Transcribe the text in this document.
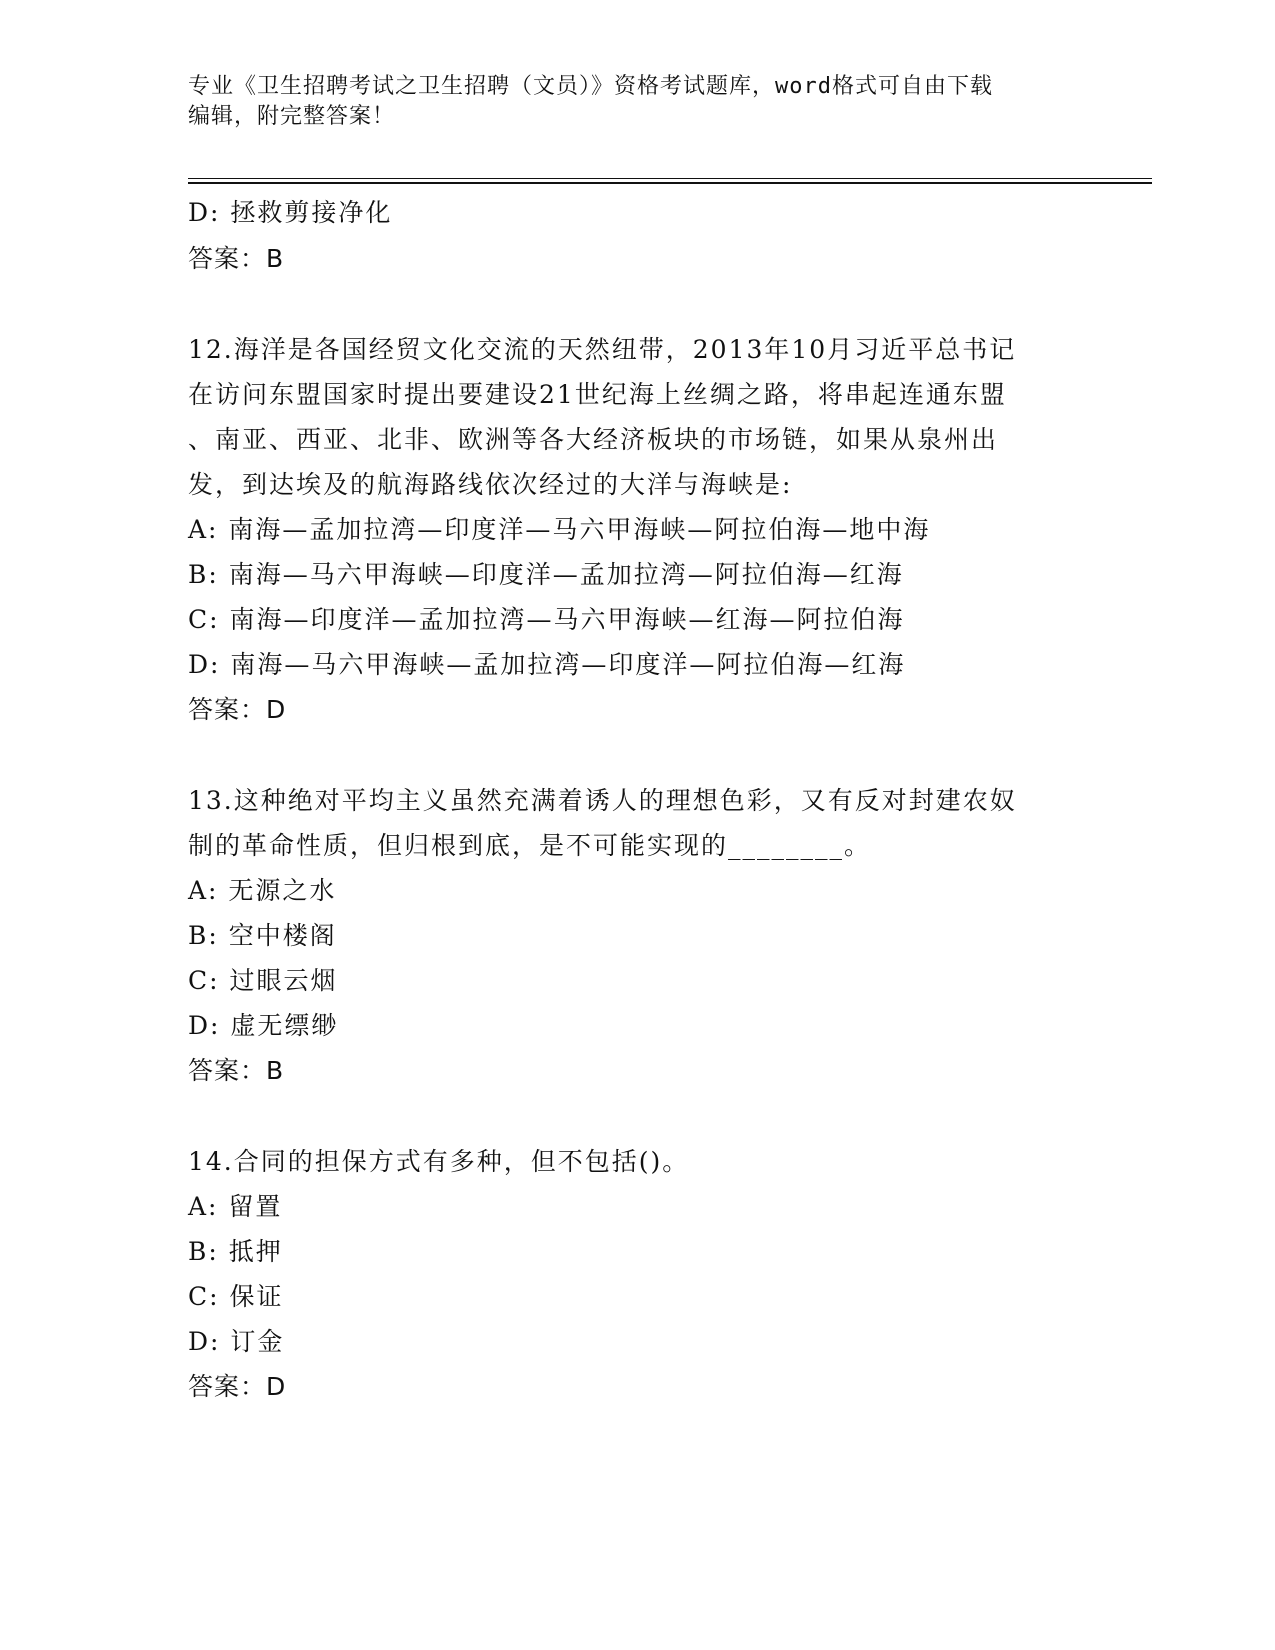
专业《卫生招聘考试之卫生招聘（文员）》资格考试题库，word格式可自由下载
编辑，附完整答案！
D: 拯救剪接净化
答案：B
12.海洋是各国经贸文化交流的天然纽带，2013年10月习近平总书记
在访问东盟国家时提出要建设21世纪海上丝绸之路，将串起连通东盟
、南亚、西亚、北非、欧洲等各大经济板块的市场链，如果从泉州出
发，到达埃及的航海路线依次经过的大洋与海峡是:
A: 南海—孟加拉湾—印度洋—马六甲海峡—阿拉伯海—地中海
B: 南海—马六甲海峡—印度洋—孟加拉湾—阿拉伯海—红海
C: 南海—印度洋—孟加拉湾—马六甲海峡—红海—阿拉伯海
D: 南海—马六甲海峡—孟加拉湾—印度洋—阿拉伯海—红海
答案：D
13.这种绝对平均主义虽然充满着诱人的理想色彩，又有反对封建农奴
制的革命性质，但归根到底，是不可能实现的________。
A: 无源之水
B: 空中楼阁
C: 过眼云烟
D: 虚无缥缈
答案：B
14.合同的担保方式有多种，但不包括()。
A: 留置
B: 抵押
C: 保证
D: 订金
答案：D
